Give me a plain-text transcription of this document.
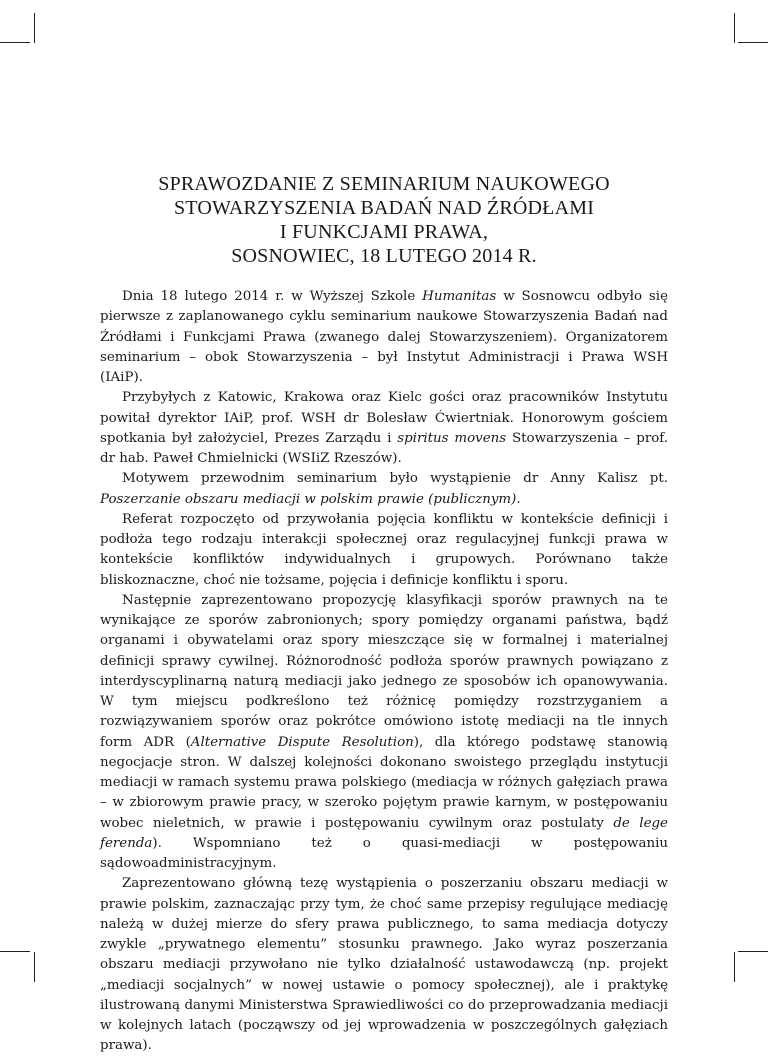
SPRAWOZDANIE Z SEMINARIUM NAUKOWEGO
STOWARZYSZENIA BADAŃ NAD ŹRÓDŁAMI
I FUNKCJAMI PRAWA,
SOSNOWIEC, 18 LUTEGO 2014 R.

Dnia 18 lutego 2014 r. w Wyższej Szkole Humanitas w Sosnowcu odbyło się pierwsze z zaplanowanego cyklu seminarium naukowe Stowarzyszenia Badań nad Źródłami i Funkcjami Prawa (zwanego dalej Stowarzyszeniem). Organizatorem seminarium – obok Stowarzyszenia – był Instytut Administracji i Prawa WSH (IAiP).

Przybyłych z Katowic, Krakowa oraz Kielc gości oraz pracowników Instytutu powitał dyrektor IAiP, prof. WSH dr Bolesław Ćwiertniak. Honorowym gościem spotkania był założyciel, Prezes Zarządu i spiritus movens Stowarzyszenia – prof. dr hab. Paweł Chmielnicki (WSIiZ Rzeszów).

Motywem przewodnim seminarium było wystąpienie dr Anny Kalisz pt. Poszerzanie obszaru mediacji w polskim prawie (publicznym).

Referat rozpoczęto od przywołania pojęcia konfliktu w kontekście definicji i podłoża tego rodzaju interakcji społecznej oraz regulacyjnej funkcji prawa w kontekście konfliktów indywidualnych i grupowych. Porównano także bliskoznaczne, choć nie tożsame, pojęcia i definicje konfliktu i sporu.

Następnie zaprezentowano propozycję klasyfikacji sporów prawnych na te wynikające ze sporów zabronionych; spory pomiędzy organami państwa, bądź organami i obywatelami oraz spory mieszczące się w formalnej i materialnej definicji sprawy cywilnej. Różnorodność podłoża sporów prawnych powiązano z interdyscyplinarną naturą mediacji jako jednego ze sposobów ich opanowywania. W tym miejscu podkreślono też różnicę pomiędzy rozstrzyganiem a rozwiązywaniem sporów oraz pokrótce omówiono istotę mediacji na tle innych form ADR (Alternative Dispute Resolution), dla którego podstawę stanowią negocjacje stron. W dalszej kolejności dokonano swoistego przeglądu instytucji mediacji w ramach systemu prawa polskiego (mediacja w różnych gałęziach prawa – w zbiorowym prawie pracy, w szeroko pojętym prawie karnym, w postępowaniu wobec nieletnich, w prawie i postępowaniu cywilnym oraz postulaty de lege ferenda). Wspomniano też o quasi-mediacji w postępowaniu sądowoadministracyjnym.

Zaprezentowano główną tezę wystąpienia o poszerzaniu obszaru mediacji w prawie polskim, zaznaczając przy tym, że choć same przepisy regulujące mediację należą w dużej mierze do sfery prawa publicznego, to sama mediacja dotyczy zwykle „prywatnego elementu” stosunku prawnego. Jako wyraz poszerzania obszaru mediacji przywołano nie tylko działalność ustawodawczą (np. projekt „mediacji socjalnych” w nowej ustawie o pomocy społecznej), ale i praktykę ilustrowaną danymi Ministerstwa Sprawiedliwości co do przeprowadzania mediacji w kolejnych latach (począwszy od jej wprowadzenia w poszczególnych gałęziach prawa).
